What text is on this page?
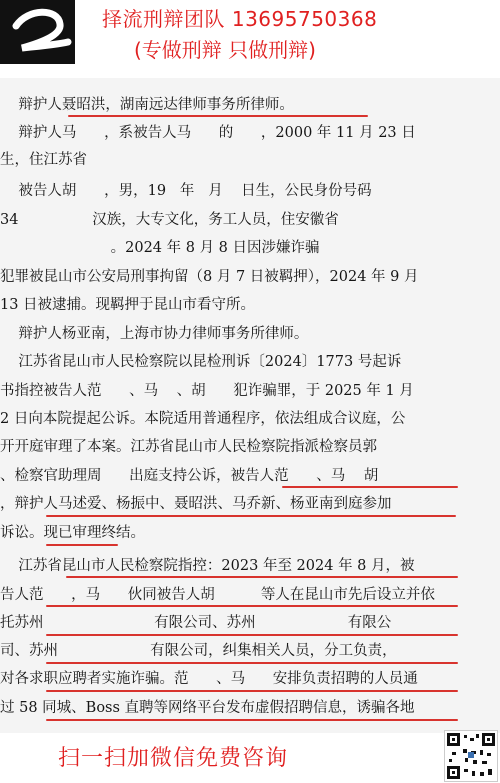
择流刑辩团队 13695750368
(专做刑辩 只做刑辩)
辩护人聂昭洪，湖南远达律师事务所律师。
辩护人马      ，系被告人马      的      ，2000 年 11 月 23 日
生，住江苏省
被告人胡      ，男，19   年   月    日生，公民身份号码
34                汉族，大专文化，务工人员，住安徽省
。2024 年 8 月 8 日因涉嫌诈骗
犯罪被昆山市公安局刑事拘留（8 月 7 日被羁押），2024 年 9 月
13 日被逮捕。现羁押于昆山市看守所。
辩护人杨亚南，上海市协力律师事务所律师。
江苏省昆山市人民检察院以昆检刑诉〔2024〕1773 号起诉
书指控被告人范      、马    、胡      犯诈骗罪，于 2025 年 1 月
2 日向本院提起公诉。本院适用普通程序，依法组成合议庭，公
开开庭审理了本案。江苏省昆山市人民检察院指派检察员郭
、检察官助理周      出庭支持公诉，被告人范      、马    胡
，辩护人马述爱、杨振中、聂昭洪、马乔新、杨亚南到庭参加
诉讼。现已审理终结。
江苏省昆山市人民检察院指控：2023 年至 2024 年 8 月，被
告人范      ，马      伙同被告人胡          等人在昆山市先后设立并依
托苏州                        有限公司、苏州                    有限公
司、苏州                    有限公司，纠集相关人员，分工负责，
对各求职应聘者实施诈骗。范      、马      安排负责招聘的人员通
过 58 同城、Boss 直聘等网络平台发布虚假招聘信息，诱骗各地
扫一扫加微信免费咨询
